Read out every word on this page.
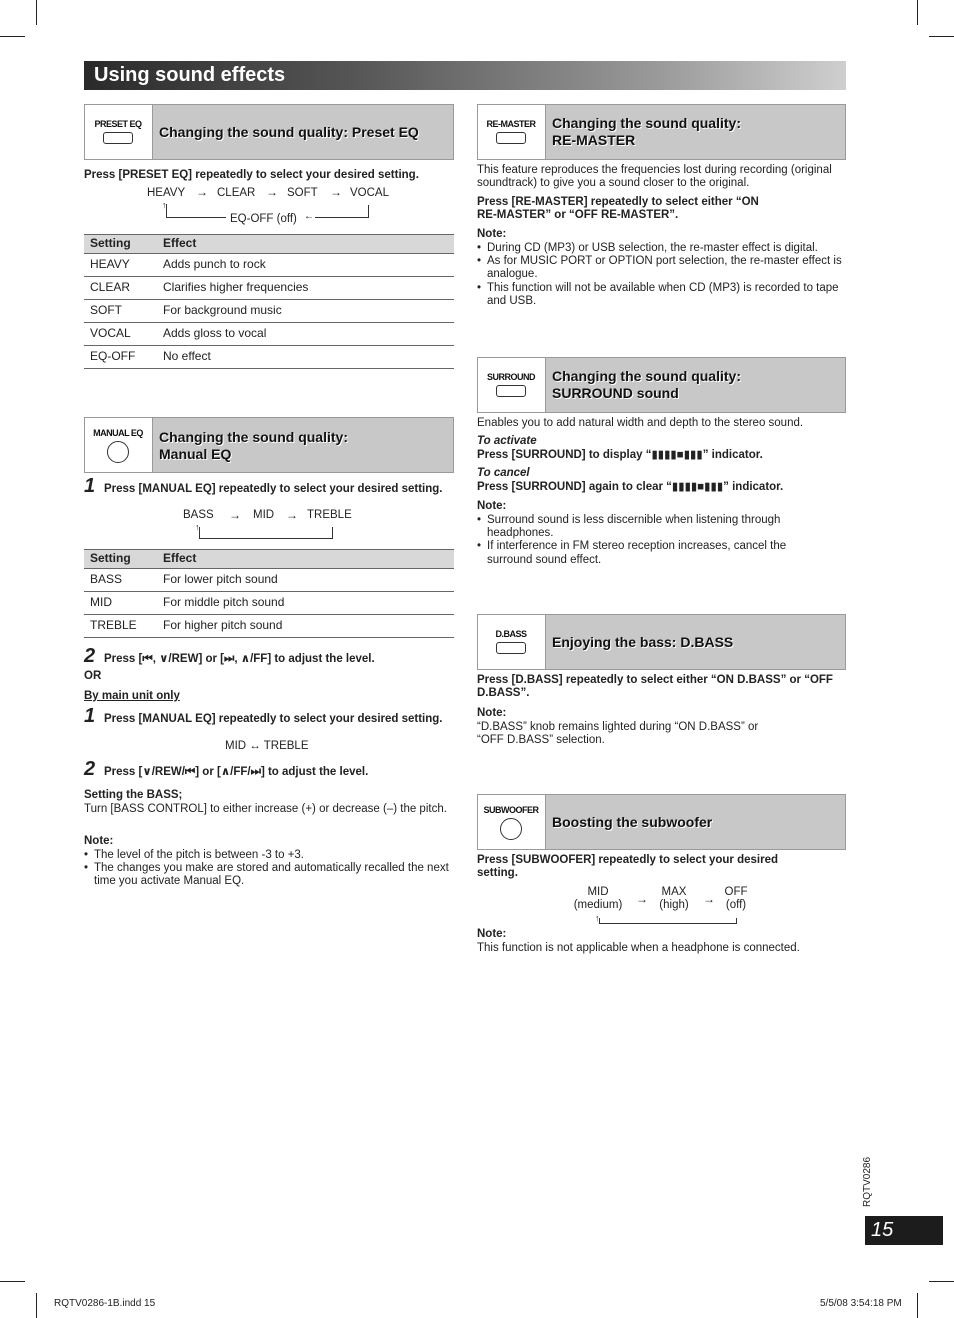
Using sound effects
PRESET EQ	Changing the sound quality: Preset EQ
Press [PRESET EQ] repeatedly to select your desired setting.
HEAVY → CLEAR → SOFT → VOCAL
↑
EQ-OFF (off) ←
Setting	Effect
HEAVY	Adds punch to rock
CLEAR	Clarifies higher frequencies
SOFT	For background music
VOCAL	Adds gloss to vocal
EQ-OFF	No effect
MANUAL EQ	Changing the sound quality:
Manual EQ
1 Press [MANUAL EQ] repeatedly to select your desired setting.
BASS → MID → TREBLE
↑
Setting	Effect
BASS	For lower pitch sound
MID	For middle pitch sound
TREBLE	For higher pitch sound
2 Press [⏮, ∨/REW] or [⏭, ∧/FF] to adjust the level.
OR
By main unit only
1 Press [MANUAL EQ] repeatedly to select your desired setting.
MID ↔ TREBLE
2 Press [∨/REW/⏮] or [∧/FF/⏭] to adjust the level.
Setting the BASS;
Turn [BASS CONTROL] to either increase (+) or decrease (–) the pitch.
Note:
• The level of the pitch is between -3 to +3.
• The changes you make are stored and automatically recalled the next time you activate Manual EQ.
RE-MASTER	Changing the sound quality:
RE-MASTER
This feature reproduces the frequencies lost during recording (original soundtrack) to give you a sound closer to the original.
Press [RE-MASTER] repeatedly to select either “ON RE-MASTER” or “OFF RE-MASTER”.
Note:
• During CD (MP3) or USB selection, the re-master effect is digital.
• As for MUSIC PORT or OPTION port selection, the re-master effect is analogue.
• This function will not be available when CD (MP3) is recorded to tape and USB.
SURROUND	Changing the sound quality:
SURROUND sound
Enables you to add natural width and depth to the stereo sound.
To activate
Press [SURROUND] to display “▮▮▮▮■▮▮▮” indicator.
To cancel
Press [SURROUND] again to clear “▮▮▮▮■▮▮▮” indicator.
Note:
• Surround sound is less discernible when listening through headphones.
• If interference in FM stereo reception increases, cancel the surround sound effect.
D.BASS	Enjoying the bass: D.BASS
Press [D.BASS] repeatedly to select either “ON D.BASS” or “OFF D.BASS”.
Note:
“D.BASS” knob remains lighted during “ON D.BASS” or “OFF D.BASS” selection.
SUBWOOFER
Boosting the subwoofer
Press [SUBWOOFER] repeatedly to select your desired setting.
MID
(medium)	→	MAX
(high)	→ OFF
(off)
↑
Note:
This function is not applicable when a headphone is connected.
RQTV0286
15
RQTV0286-1B.indd 15	5/5/08 3:54:18 PM
